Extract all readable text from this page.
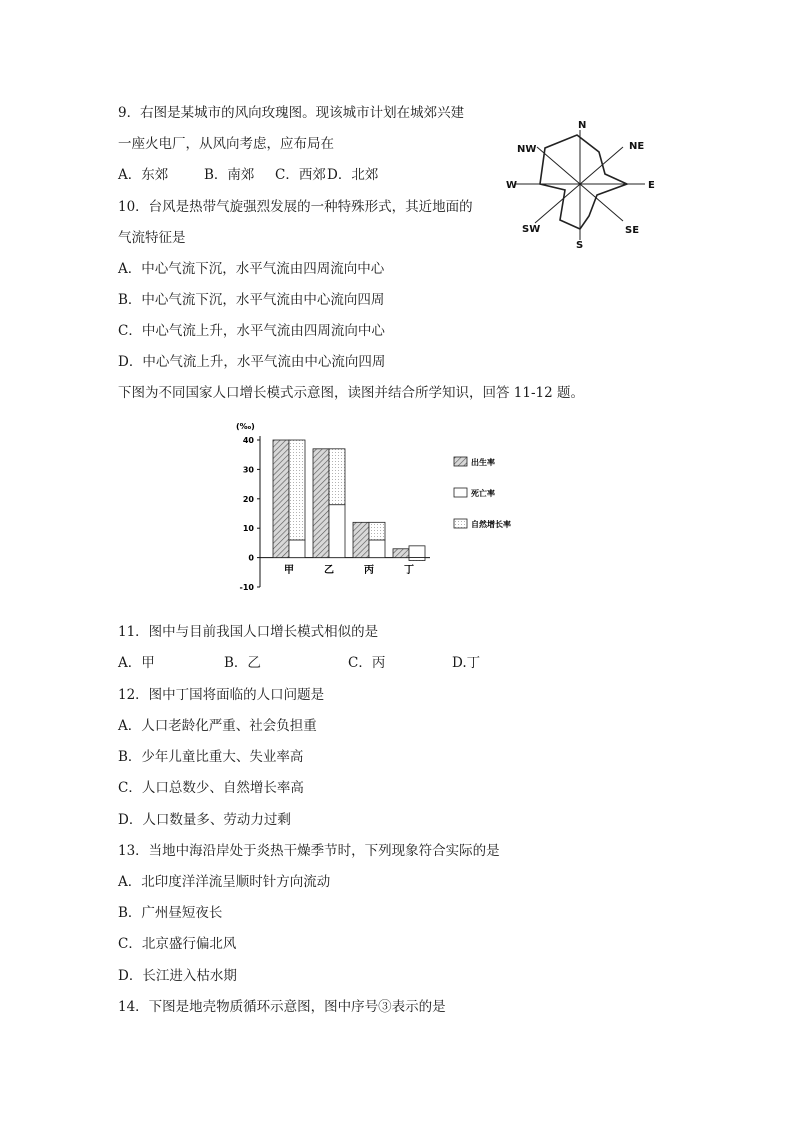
9．右图是某城市的风向玫瑰图。现该城市计划在城郊兴建
一座火电厂，从风向考虑，应布局在
A．东郊	B．南郊 C．西郊D．北郊
N
NE
E
SE
S
SW
W
NW
10．台风是热带气旋强烈发展的一种特殊形式，其近地面的
气流特征是
A．中心气流下沉，水平气流由四周流向中心
B．中心气流下沉，水平气流由中心流向四周
C．中心气流上升，水平气流由四周流向中心
D．中心气流上升，水平气流由中心流向四周
下图为不同国家人口增长模式示意图，读图并结合所学知识，回答 11-12 题。
(‰)
40
30
20
10
0
-10
甲	乙	丙	丁
出生率
死亡率
自然增长率
11．图中与目前我国人口增长模式相似的是
A．甲	B．乙	C．丙	D.丁
12．图中丁国将面临的人口问题是
A．人口老龄化严重、社会负担重
B．少年儿童比重大、失业率高
C．人口总数少、自然增长率高
D．人口数量多、劳动力过剩
13．当地中海沿岸处于炎热干燥季节时，下列现象符合实际的是
A．北印度洋洋流呈顺时针方向流动
B．广州昼短夜长
C．北京盛行偏北风
D．长江进入枯水期
14．下图是地壳物质循环示意图，图中序号③表示的是
